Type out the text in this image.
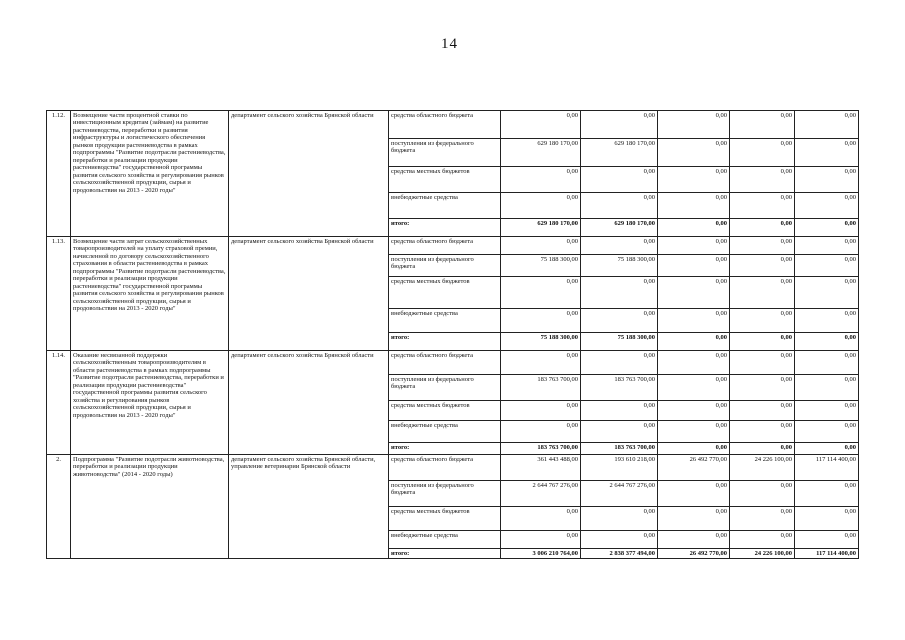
14
1.12.	Возмещение части процентной ставки по инвестиционным кредитам (займам) на развитие растениеводства, переработки и развития инфраструктуры и логистического обеспечения рынков продукции растениеводства в рамках подпрограммы "Развитие подотрасли растениеводства, переработки и реализации продукции растениеводства" государственной программы развития сельского хозяйства и регулирования рынков сельскохозяйственной продукции, сырья и продовольствия на 2013 - 2020 годы"	департамент сельского хозяйства Брянской области	средства областного бюджета	0,00	0,00	0,00	0,00	0,00
			поступления из федерального бюджета	629 180 170,00	629 180 170,00	0,00	0,00	0,00
			средства местных бюджетов	0,00	0,00	0,00	0,00	0,00
			внебюджетные средства	0,00	0,00	0,00	0,00	0,00
			итого:	629 180 170,00	629 180 170,00	0,00	0,00	0,00
1.13.	Возмещение части затрат сельскохозяйственных товаропроизводителей на уплату страховой премии, начисленной по договору сельскохозяйственного страхования в области растениеводства в рамках подпрограммы "Развитие подотрасли растениеводства, переработки и реализации продукции растениеводства" государственной программы развития сельского хозяйства и регулирования рынков сельскохозяйственной продукции, сырья и продовольствия на 2013 - 2020 годы"	департамент сельского хозяйства Брянской области	средства областного бюджета	0,00	0,00	0,00	0,00	0,00
			поступления из федерального бюджета	75 188 300,00	75 188 300,00	0,00	0,00	0,00
			средства местных бюджетов	0,00	0,00	0,00	0,00	0,00
			внебюджетные средства	0,00	0,00	0,00	0,00	0,00
			итого:	75 188 300,00	75 188 300,00	0,00	0,00	0,00
1.14.	Оказание несвязанной поддержки сельскохозяйственным товаропроизводителям в области растениеводства в рамках подпрограммы "Развитие подотрасли растениеводства, переработки и реализации продукции растениеводства" государственной программы развития сельского хозяйства и регулирования рынков сельскохозяйственной продукции, сырья и продовольствия на 2013 - 2020 годы"	департамент сельского хозяйства Брянской области	средства областного бюджета	0,00	0,00	0,00	0,00	0,00
			поступления из федерального бюджета	183 763 700,00	183 763 700,00	0,00	0,00	0,00
			средства местных бюджетов	0,00	0,00	0,00	0,00	0,00
			внебюджетные средства	0,00	0,00	0,00	0,00	0,00
			итого:	183 763 700,00	183 763 700,00	0,00	0,00	0,00
2.	Подпрограмма "Развитие подотрасли животноводства, переработки и реализации продукции животноводства" (2014 - 2020 годы)	департамент сельского хозяйства Брянской области, управление ветеринарии Брянской области	средства областного бюджета	361 443 488,00	193 610 218,00	26 492 770,00	24 226 100,00	117 114 400,00
			поступления из федерального бюджета	2 644 767 276,00	2 644 767 276,00	0,00	0,00	0,00
			средства местных бюджетов	0,00	0,00	0,00	0,00	0,00
			внебюджетные средства	0,00	0,00	0,00	0,00	0,00
			итого:	3 006 210 764,00	2 838 377 494,00	26 492 770,00	24 226 100,00	117 114 400,00
